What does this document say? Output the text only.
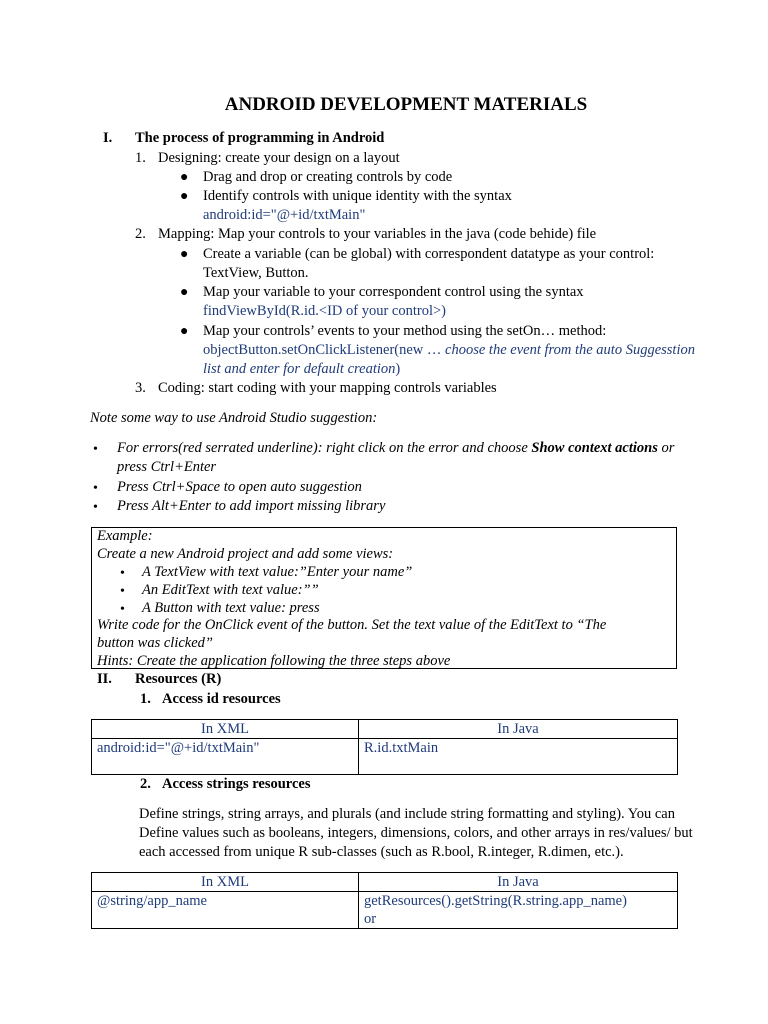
ANDROID DEVELOPMENT MATERIALS
I. The process of programming in Android
1. Designing: create your design on a layout
● Drag and drop or creating controls by code
● Identify controls with unique identity with the syntax
android:id="@+id/txtMain"
2. Mapping: Map your controls to your variables in the java (code behide) file
● Create a variable (can be global) with correspondent datatype as your control:
TextView, Button.
● Map your variable to your correspondent control using the syntax
findViewById(R.id.<ID of your control>)
● Map your controls’ events to your method using the setOn… method:
objectButton.setOnClickListener(new … choose the event from the auto Suggesstion
list and enter for default creation)
3. Coding: start coding with your mapping controls variables
Note some way to use Android Studio suggestion:
• For errors(red serrated underline): right click on the error and choose Show context actions or
press Ctrl+Enter
• Press Ctrl+Space to open auto suggestion
• Press Alt+Enter to add import missing library
Example:
Create a new Android project and add some views:
• A TextView with text value:”Enter your name”
• An EditText with text value:””
• A Button with text value: press
Write code for the OnClick event of the button. Set the text value of the EditText to “The
button was clicked”
Hints: Create the application following the three steps above
II. Resources (R)
1. Access id resources
In XML	In Java
android:id="@+id/txtMain"	R.id.txtMain
2. Access strings resources
Define strings, string arrays, and plurals (and include string formatting and styling). You can
Define values such as booleans, integers, dimensions, colors, and other arrays in res/values/ but
each accessed from unique R sub-classes (such as R.bool, R.integer, R.dimen, etc.).
In XML	In Java
@string/app_name	getResources().getString(R.string.app_name)
or
